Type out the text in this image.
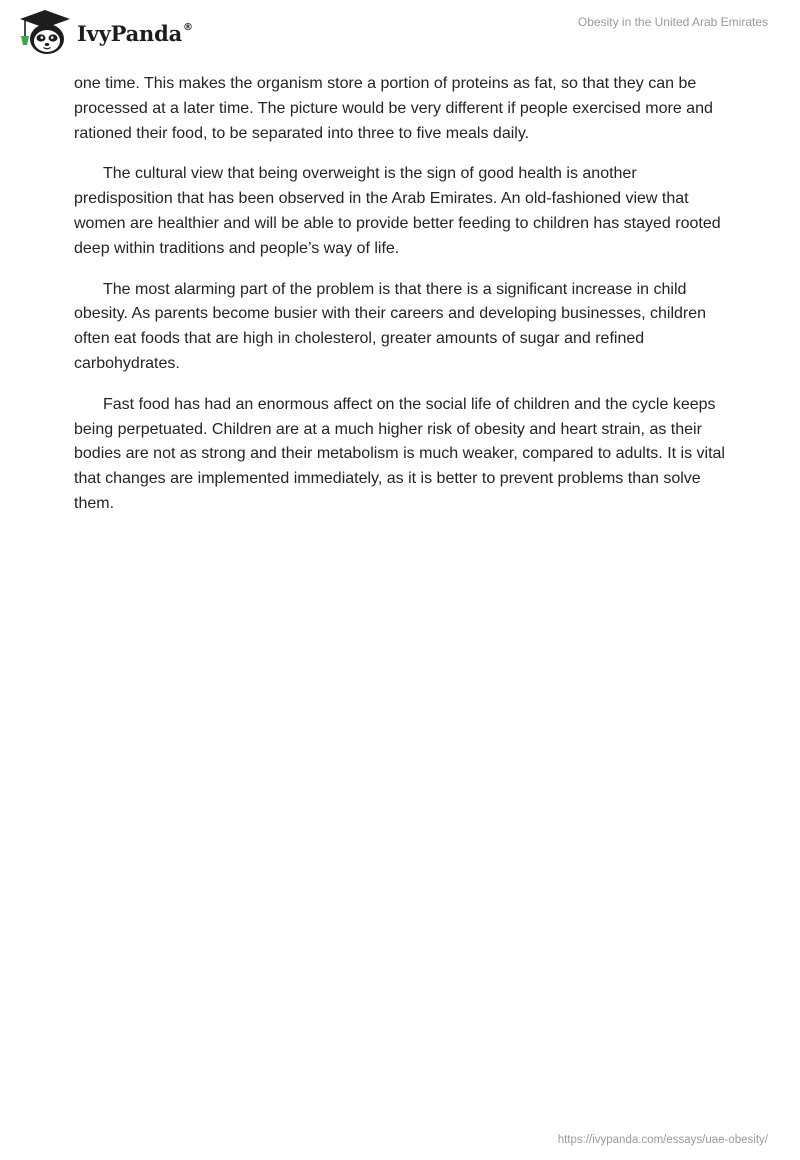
IvyPanda®	Obesity in the United Arab Emirates

one time. This makes the organism store a portion of proteins as fat, so that they can be processed at a later time. The picture would be very different if people exercised more and rationed their food, to be separated into three to five meals daily.

The cultural view that being overweight is the sign of good health is another predisposition that has been observed in the Arab Emirates. An old-fashioned view that women are healthier and will be able to provide better feeding to children has stayed rooted deep within traditions and people’s way of life.

The most alarming part of the problem is that there is a significant increase in child obesity. As parents become busier with their careers and developing businesses, children often eat foods that are high in cholesterol, greater amounts of sugar and refined carbohydrates.

Fast food has had an enormous affect on the social life of children and the cycle keeps being perpetuated. Children are at a much higher risk of obesity and heart strain, as their bodies are not as strong and their metabolism is much weaker, compared to adults. It is vital that changes are implemented immediately, as it is better to prevent problems than solve them.

https://ivypanda.com/essays/uae-obesity/
